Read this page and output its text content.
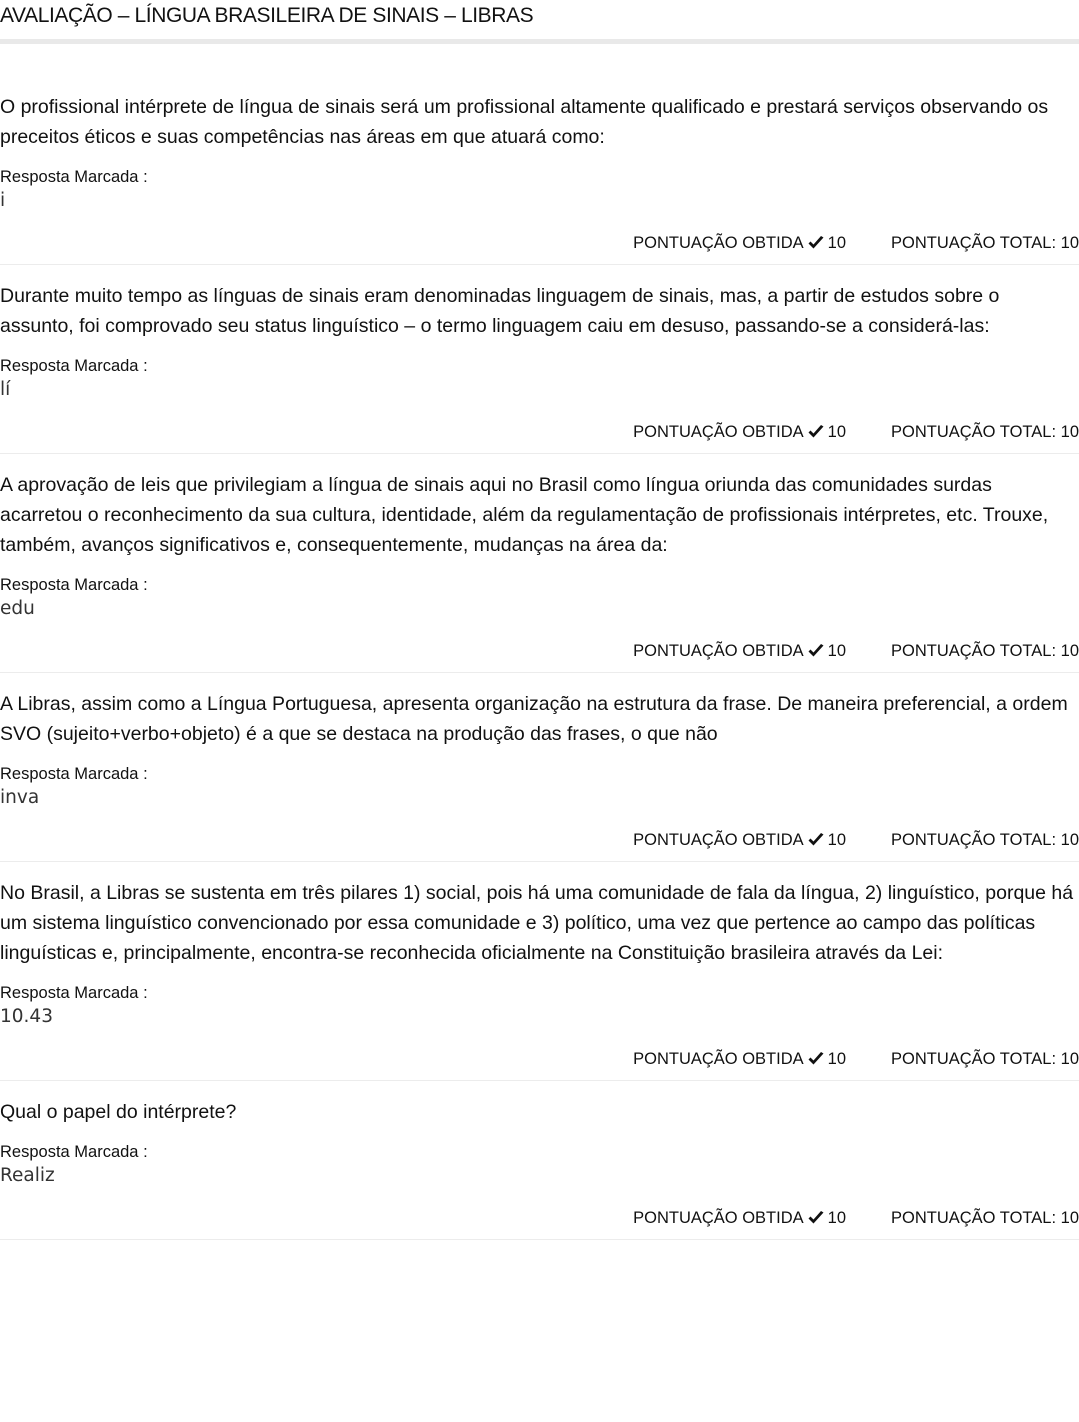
AVALIAÇÃO – LÍNGUA BRASILEIRA DE SINAIS – LIBRAS
O profissional intérprete de língua de sinais será um profissional altamente qualificado e prestará serviços observando os preceitos éticos e suas competências nas áreas em que atuará como:
Resposta Marcada :
i
PONTUAÇÃO OBTIDA 10	PONTUAÇÃO TOTAL: 10
Durante muito tempo as línguas de sinais eram denominadas linguagem de sinais, mas, a partir de estudos sobre o assunto, foi comprovado seu status linguístico – o termo linguagem caiu em desuso, passando-se a considerá-las:
Resposta Marcada :
lí
PONTUAÇÃO OBTIDA 10	PONTUAÇÃO TOTAL: 10
A aprovação de leis que privilegiam a língua de sinais aqui no Brasil como língua oriunda das comunidades surdas acarretou o reconhecimento da sua cultura, identidade, além da regulamentação de profissionais intérpretes, etc. Trouxe, também, avanços significativos e, consequentemente, mudanças na área da:
Resposta Marcada :
edu
PONTUAÇÃO OBTIDA 10	PONTUAÇÃO TOTAL: 10
A Libras, assim como a Língua Portuguesa, apresenta organização na estrutura da frase. De maneira preferencial, a ordem SVO (sujeito+verbo+objeto) é a que se destaca na produção das frases, o que não
Resposta Marcada :
inva
PONTUAÇÃO OBTIDA 10	PONTUAÇÃO TOTAL: 10
No Brasil, a Libras se sustenta em três pilares 1) social, pois há uma comunidade de fala da língua, 2) linguístico, porque há um sistema linguístico convencionado por essa comunidade e 3) político, uma vez que pertence ao campo das políticas linguísticas e, principalmente, encontra-se reconhecida oficialmente na Constituição brasileira através da Lei:
Resposta Marcada :
10.43
PONTUAÇÃO OBTIDA 10	PONTUAÇÃO TOTAL: 10
Qual o papel do intérprete?
Resposta Marcada :
Realiz
PONTUAÇÃO OBTIDA 10	PONTUAÇÃO TOTAL: 10
